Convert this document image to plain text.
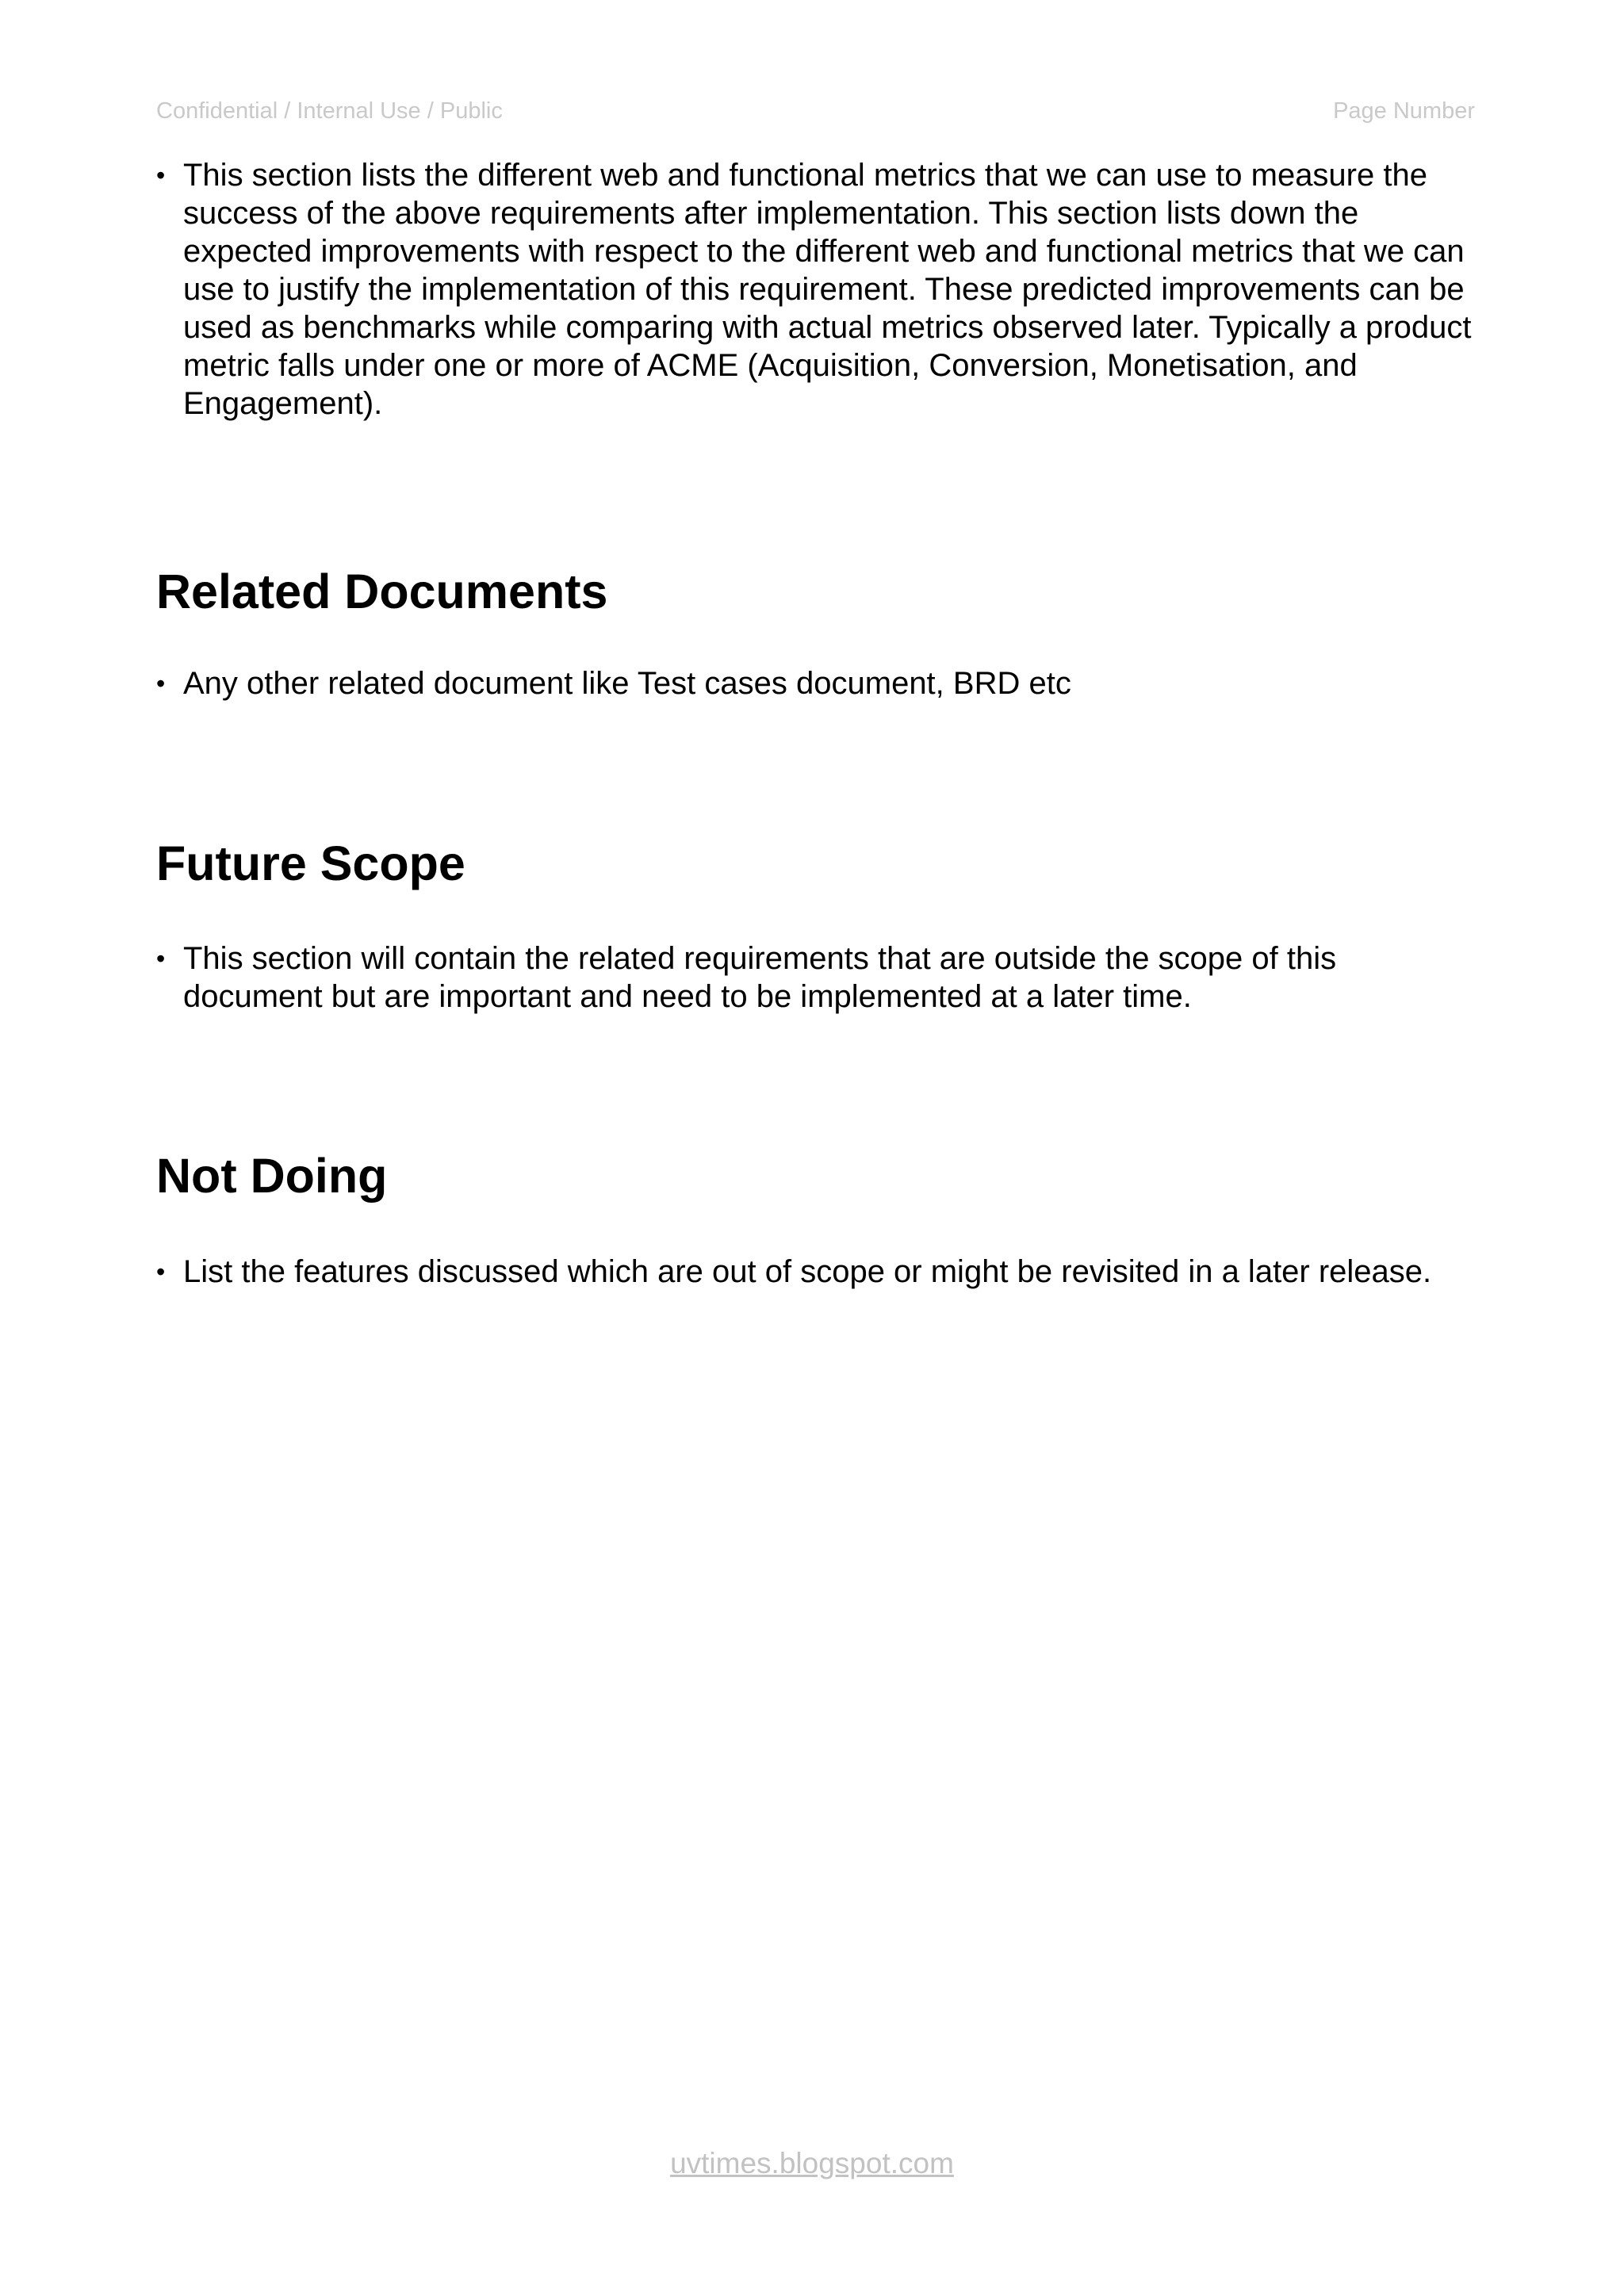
Confidential / Internal Use / Public	Page Number
• This section lists the different web and functional metrics that we can use to measure the success of the above requirements after implementation. This section lists down the expected improvements with respect to the different web and functional metrics that we can use to justify the implementation of this requirement. These predicted improvements can be used as benchmarks while comparing with actual metrics observed later. Typically a product metric falls under one or more of ACME (Acquisition, Conversion, Monetisation, and Engagement).
Related Documents
• Any other related document like Test cases document, BRD etc
Future Scope
• This section will contain the related requirements that are outside the scope of this document but are important and need to be implemented at a later time.
Not Doing
• List the features discussed which are out of scope or might be revisited in a later release.
uvtimes.blogspot.com
